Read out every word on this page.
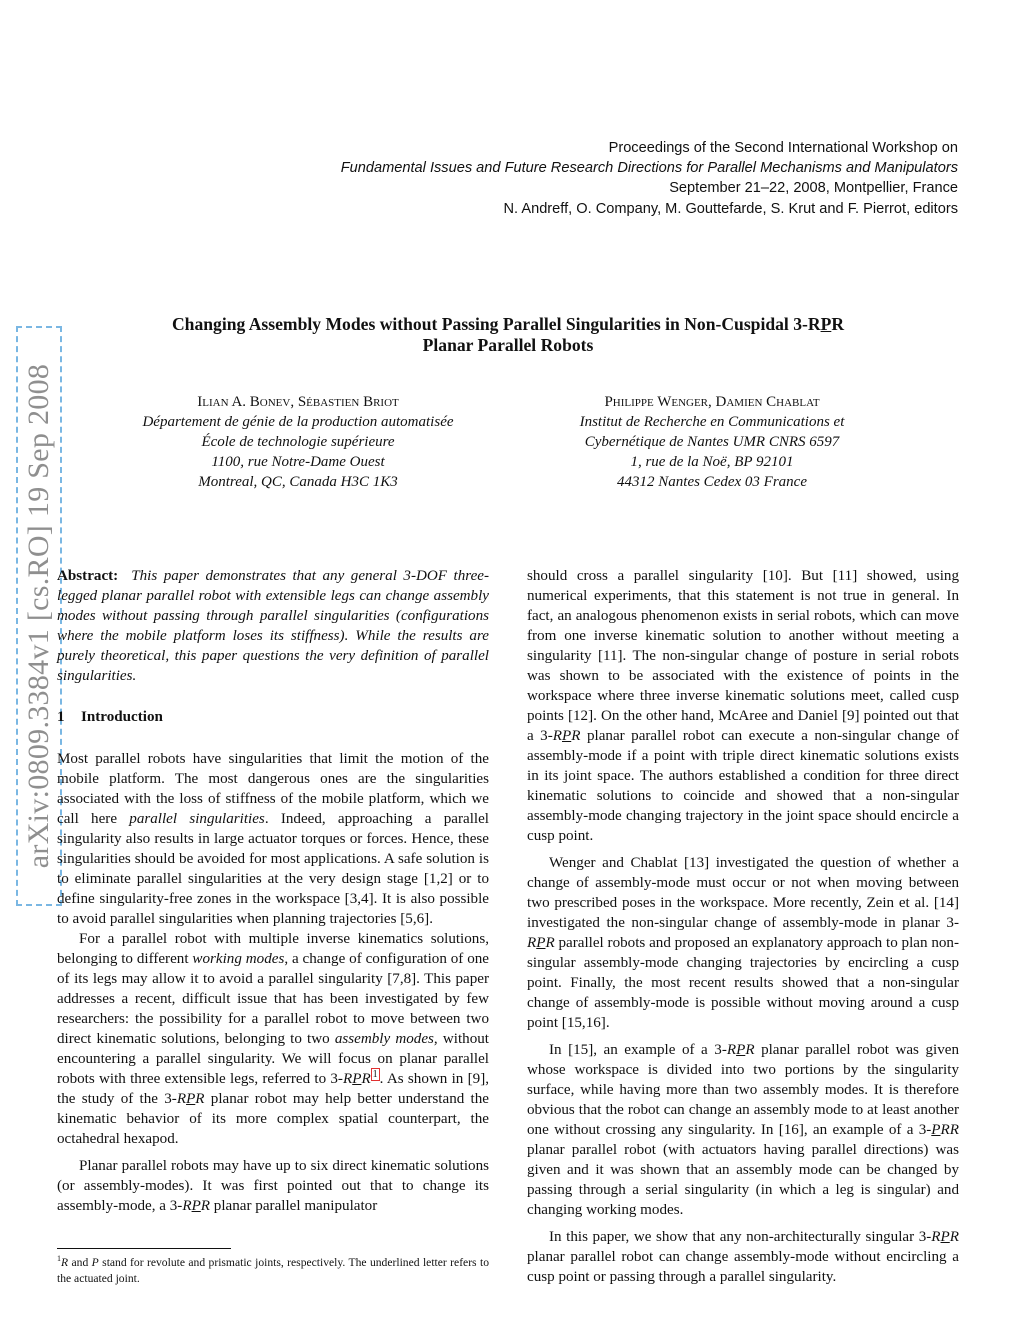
Proceedings of the Second International Workshop on
Fundamental Issues and Future Research Directions for Parallel Mechanisms and Manipulators
September 21–22, 2008, Montpellier, France
N. Andreff, O. Company, M. Gouttefarde, S. Krut and F. Pierrot, editors
arXiv:0809.3384v1 [cs.RO] 19 Sep 2008
Changing Assembly Modes without Passing Parallel Singularities in Non-Cuspidal 3-RPR
Planar Parallel Robots
Ilian A. Bonev, Sébastien Briot
Département de génie de la production automatisée
École de technologie supérieure
1100, rue Notre-Dame Ouest
Montreal, QC, Canada H3C 1K3
Philippe Wenger, Damien Chablat
Institut de Recherche en Communications et
Cybernétique de Nantes UMR CNRS 6597
1, rue de la Noë, BP 92101
44312 Nantes Cedex 03 France

Abstract: This paper demonstrates that any general 3-DOF three-legged planar parallel robot with extensible legs can change assembly modes without passing through parallel singularities (configurations where the mobile platform loses its stiffness). While the results are purely theoretical, this paper questions the very definition of parallel singularities.

1 Introduction

Most parallel robots have singularities that limit the motion of the mobile platform. The most dangerous ones are the singularities associated with the loss of stiffness of the mobile platform, which we call here parallel singularities. Indeed, approaching a parallel singularity also results in large actuator torques or forces. Hence, these singularities should be avoided for most applications. A safe solution is to eliminate parallel singularities at the very design stage [1,2] or to define singularity-free zones in the workspace [3,4]. It is also possible to avoid parallel singularities when planning trajectories [5,6].

For a parallel robot with multiple inverse kinematics solutions, belonging to different working modes, a change of configuration of one of its legs may allow it to avoid a parallel singularity [7,8]. This paper addresses a recent, difficult issue that has been investigated by few researchers: the possibility for a parallel robot to move between two direct kinematic solutions, belonging to two assembly modes, without encountering a parallel singularity. We will focus on planar parallel robots with three extensible legs, referred to 3-RPR $^1$ . As shown in [9], the study of the 3-RPR planar robot may help better understand the kinematic behavior of its more complex spatial counterpart, the octahedral hexapod.

Planar parallel robots may have up to six direct kinematic solutions (or assembly-modes). It was first pointed out that to change its assembly-mode, a 3-RPR planar parallel manipulator

should cross a parallel singularity [10]. But [11] showed, using numerical experiments, that this statement is not true in general. In fact, an analogous phenomenon exists in serial robots, which can move from one inverse kinematic solution to another without meeting a singularity [11]. The non-singular change of posture in serial robots was shown to be associated with the existence of points in the workspace where three inverse kinematic solutions meet, called cusp points [12]. On the other hand, McAree and Daniel [9] pointed out that a 3-RPR planar parallel robot can execute a non-singular change of assembly-mode if a point with triple direct kinematic solutions exists in its joint space. The authors established a condition for three direct kinematic solutions to coincide and showed that a non-singular assembly-mode changing trajectory in the joint space should encircle a cusp point.

Wenger and Chablat [13] investigated the question of whether a change of assembly-mode must occur or not when moving between two prescribed poses in the workspace. More recently, Zein et al. [14] investigated the non-singular change of assembly-mode in planar 3-RPR parallel robots and proposed an explanatory approach to plan non-singular assembly-mode changing trajectories by encircling a cusp point. Finally, the most recent results showed that a non-singular change of assembly-mode is possible without moving around a cusp point [15,16].

In [15], an example of a 3-RPR planar parallel robot was given whose workspace is divided into two portions by the singularity surface, while having more than two assembly modes. It is therefore obvious that the robot can change an assembly mode to at least another one without crossing any singularity. In [16], an example of a 3-PRR planar parallel robot (with actuators having parallel directions) was given and it was shown that an assembly mode can be changed by passing through a serial singularity (in which a leg is singular) and changing working modes.

In this paper, we show that any non-architecturally singular 3-RPR planar parallel robot can change assembly-mode without encircling a cusp point or passing through a parallel singularity.

$^1$R and P stand for revolute and prismatic joints, respectively. The underlined letter refers to the actuated joint.
